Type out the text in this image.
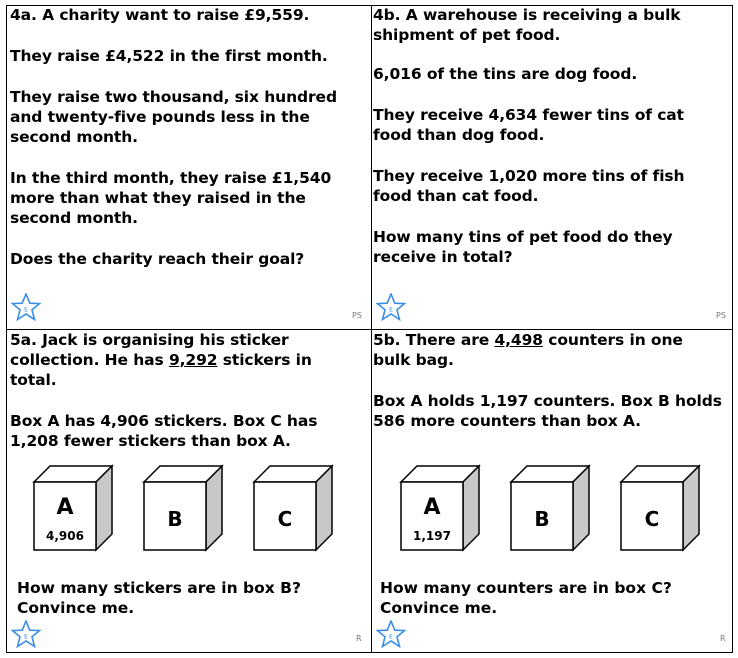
4a. A charity want to raise £9,559.

They raise £4,522 in the first month.

They raise two thousand, six hundred and twenty-five pounds less in the second month.

In the third month, they raise £1,540 more than what they raised in the second month.

Does the charity reach their goal?

4b. A warehouse is receiving a bulk shipment of pet food.

6,016 of the tins are dog food.

They receive 4,634 fewer tins of cat food than dog food.

They receive 1,020 more tins of fish food than cat food.

How many tins of pet food do they receive in total?

5a. Jack is organising his sticker collection. He has 9,292 stickers in total.

Box A has 4,906 stickers. Box C has 1,208 fewer stickers than box A.

5b. There are 4,498 counters in one bulk bag.

Box A holds 1,197 counters. Box B holds 586 more counters than box A.

A
4,906
B	C	A
1,197
B	C
How many stickers are in box B?
Convince me.
How many counters are in box C?
Convince me.
E	E
E	E
PS	PS
R	R
